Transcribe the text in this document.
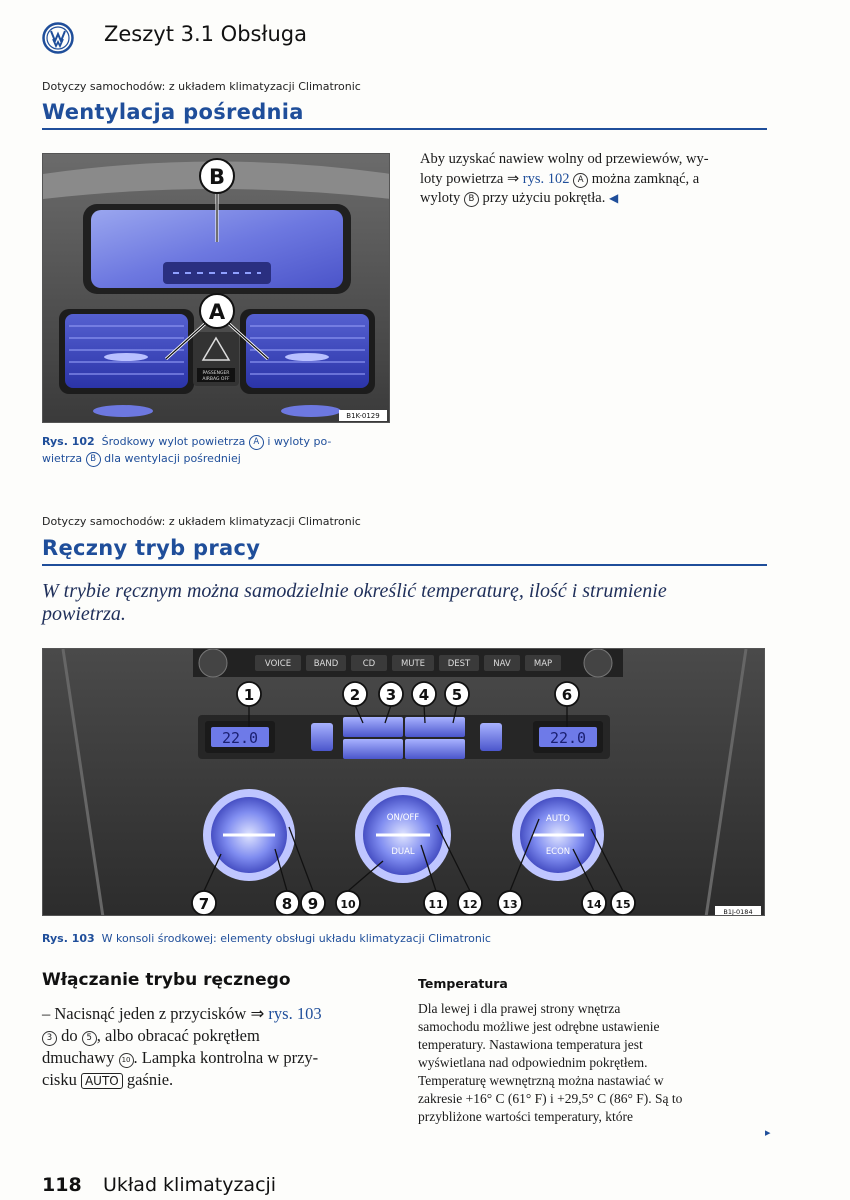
Zeszyt 3.1 Obsługa
Dotyczy samochodów: z układem klimatyzacji Climatronic
Wentylacja pośrednia
PASSENGER
AIRBAG OFF
B
A
B1K-0129
Aby uzyskać nawiew wolny od przewiewów, wy-
loty powietrza ⇒ rys. 102 A można zamknąć, a
wyloty B przy użyciu pokrętła. ◀
Rys. 102 Środkowy wylot powietrza A i wyloty po-
wietrza B dla wentylacji pośredniej
Dotyczy samochodów: z układem klimatyzacji Climatronic
Ręczny tryb pracy
W trybie ręcznym można samodzielnie określić temperaturę, ilość i strumienie
powietrza.
VOICE	BAND	CD	MUTE	DEST	NAV	MAP
22.0	22.0
ON/OFF
DUAL
AUTO
ECON
1	2 3 4 5	6
7	8 9 10	11 12 13	14 15
B1J-0184
Rys. 103 W konsoli środkowej: elementy obsługi układu klimatyzacji Climatronic
Włączanie trybu ręcznego
– Nacisnąć jeden z przycisków ⇒ rys. 103
3 do 5 , albo obracać pokrętłem
dmuchawy 10 . Lampka kontrolna w przy-
cisku AUTO gaśnie.
Temperatura
Dla lewej i dla prawej strony wnętrza
samochodu możliwe jest odrębne ustawienie
temperatury. Nastawiona temperatura jest
wyświetlana nad odpowiednim pokrętłem.
Temperaturę wewnętrzną można nastawiać w
zakresie +16° C (61° F) i +29,5° C (86° F). Są to
przybliżone wartości temperatury, które
▸
118 Układ klimatyzacji
